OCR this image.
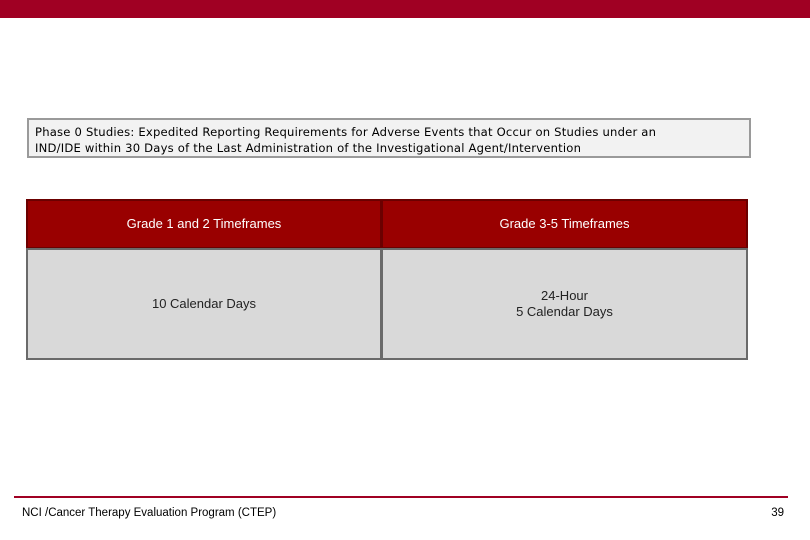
Phase 0 Studies: Expedited Reporting Requirements for Adverse Events that Occur on Studies under an
IND/IDE within 30 Days of the Last Administration of the Investigational Agent/Intervention
Grade 1 and 2 Timeframes	Grade 3-5 Timeframes
10 Calendar Days
24-Hour
5 Calendar Days
NCI /Cancer Therapy Evaluation Program (CTEP)	39
